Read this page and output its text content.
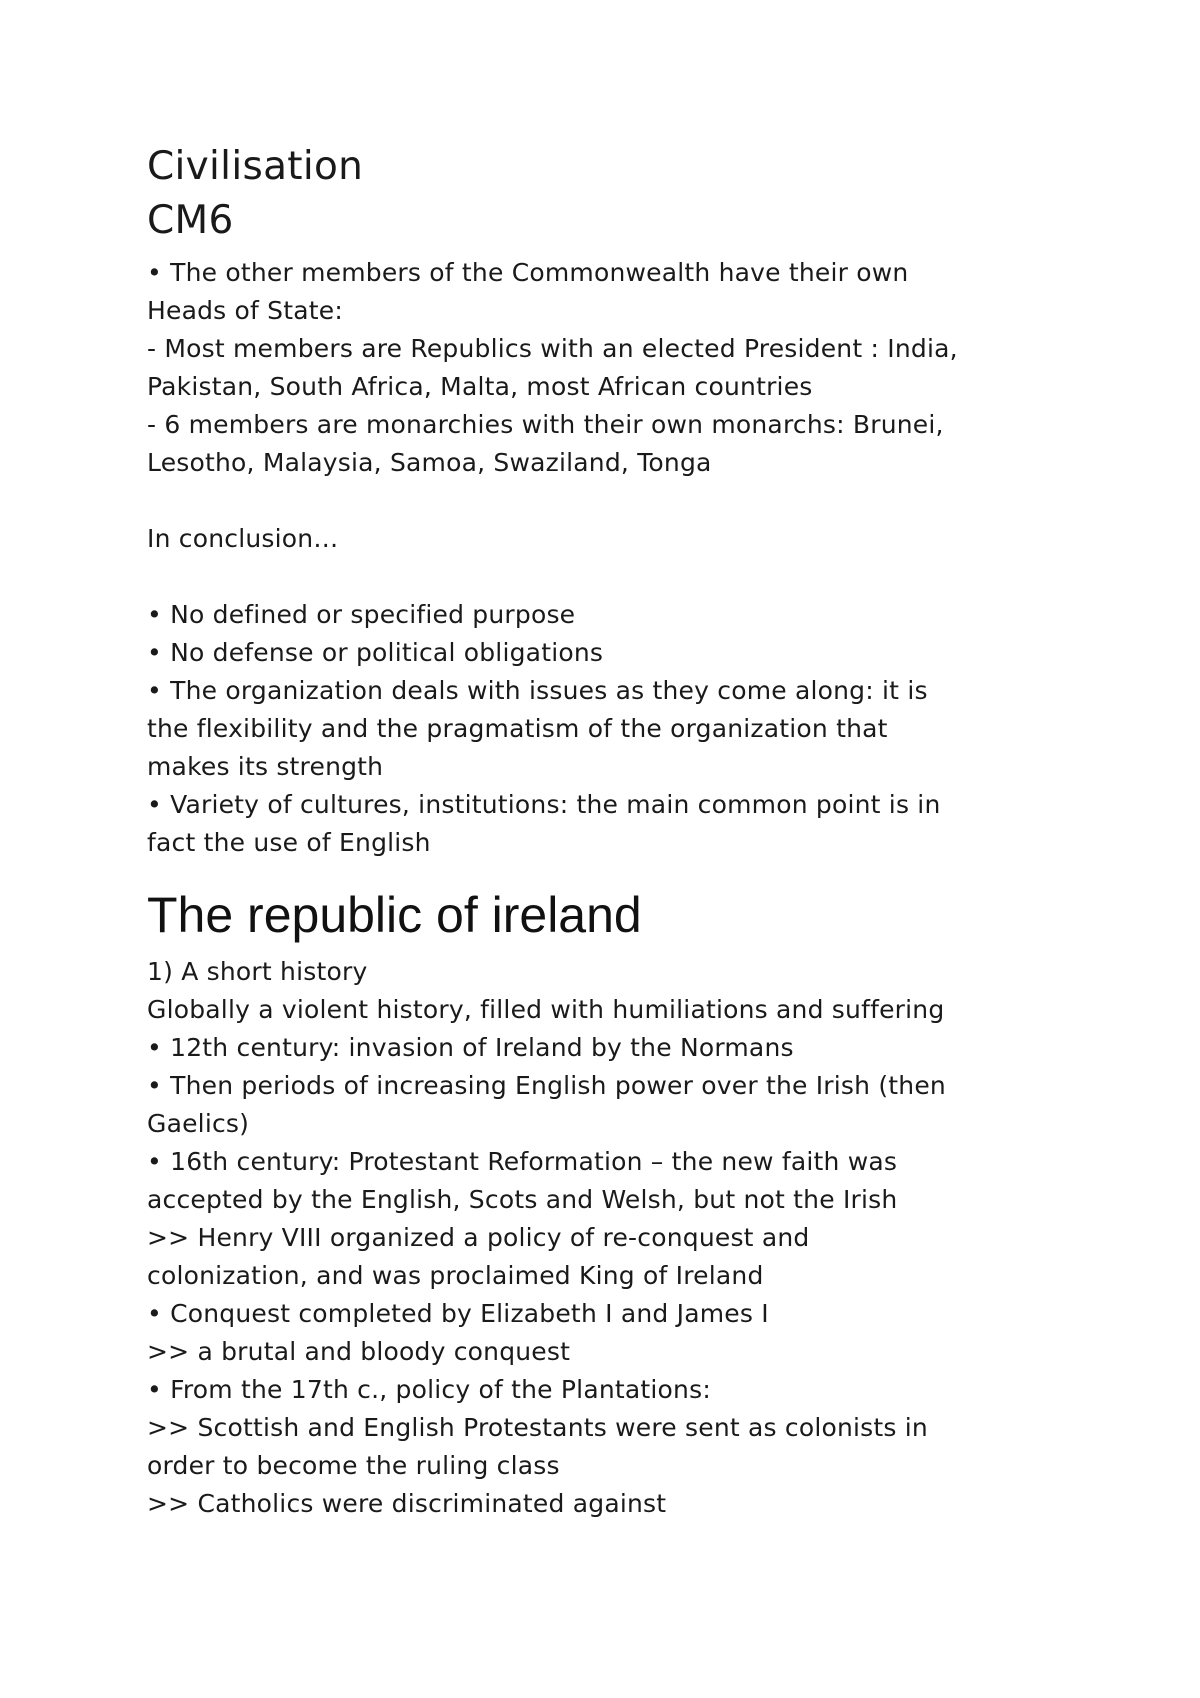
Civilisation
CM6
• The other members of the Commonwealth have their own
Heads of State:
- Most members are Republics with an elected President : India,
Pakistan, South Africa, Malta, most African countries
- 6 members are monarchies with their own monarchs: Brunei,
Lesotho, Malaysia, Samoa, Swaziland, Tonga
In conclusion…
• No defined or specified purpose
• No defense or political obligations
• The organization deals with issues as they come along: it is
the flexibility and the pragmatism of the organization that
makes its strength
• Variety of cultures, institutions: the main common point is in
fact the use of English
The republic of ireland
1) A short history
Globally a violent history, filled with humiliations and suffering
• 12th century: invasion of Ireland by the Normans
• Then periods of increasing English power over the Irish (then
Gaelics)
• 16th century: Protestant Reformation – the new faith was
accepted by the English, Scots and Welsh, but not the Irish
>> Henry VIII organized a policy of re-conquest and
colonization, and was proclaimed King of Ireland
• Conquest completed by Elizabeth I and James I
>> a brutal and bloody conquest
• From the 17th c., policy of the Plantations:
>> Scottish and English Protestants were sent as colonists in
order to become the ruling class
>> Catholics were discriminated against
